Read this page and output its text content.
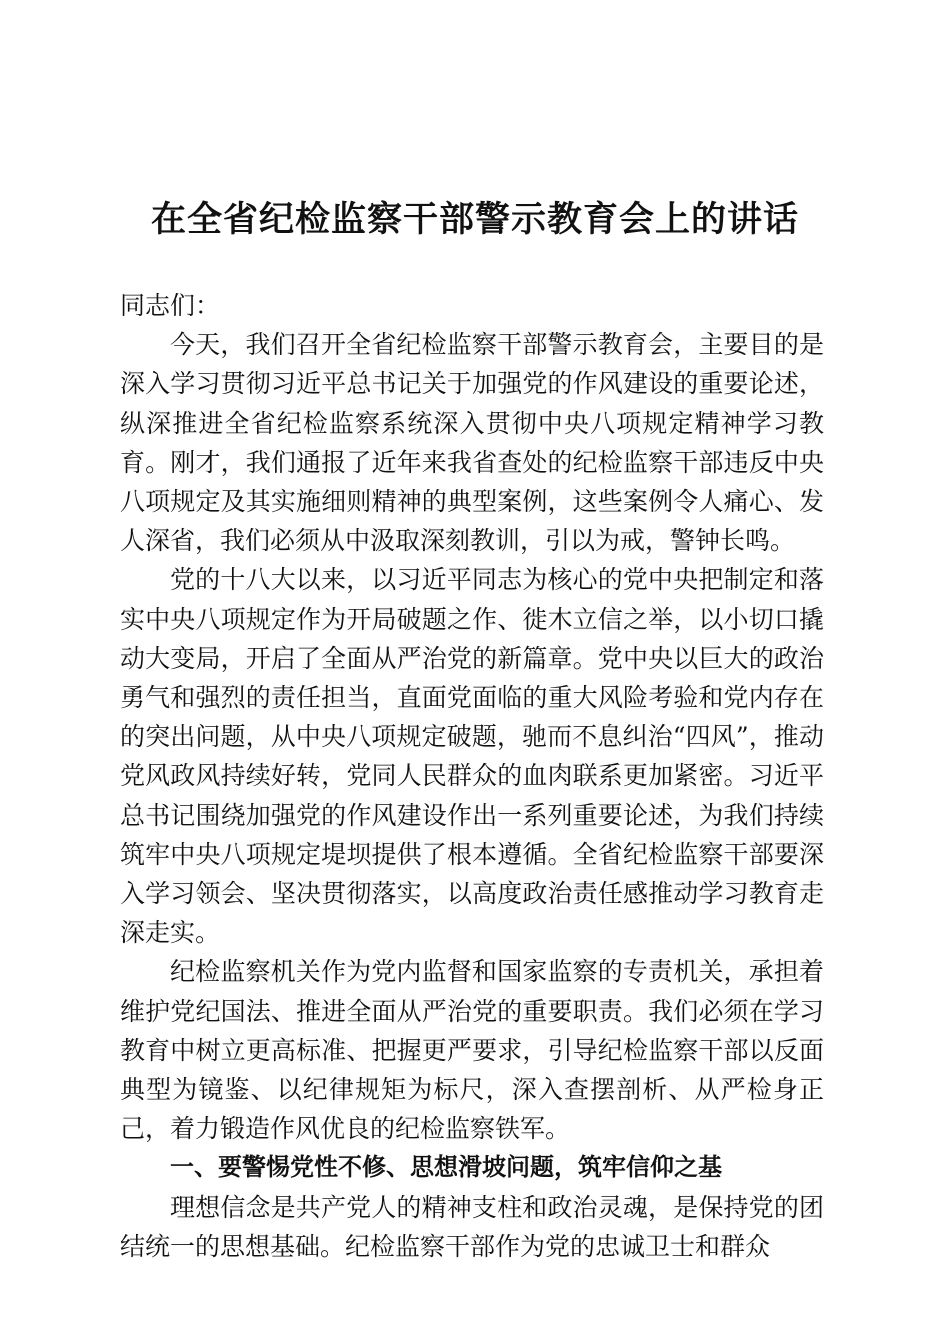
在全省纪检监察干部警示教育会上的讲话

同志们：

今天，我们召开全省纪检监察干部警示教育会，主要目的是深入学习贯彻习近平总书记关于加强党的作风建设的重要论述，纵深推进全省纪检监察系统深入贯彻中央八项规定精神学习教育。刚才，我们通报了近年来我省查处的纪检监察干部违反中央八项规定及其实施细则精神的典型案例，这些案例令人痛心、发人深省，我们必须从中汲取深刻教训，引以为戒，警钟长鸣。

党的十八大以来，以习近平同志为核心的党中央把制定和落实中央八项规定作为开局破题之作、徙木立信之举，以小切口撬动大变局，开启了全面从严治党的新篇章。党中央以巨大的政治勇气和强烈的责任担当，直面党面临的重大风险考验和党内存在的突出问题，从中央八项规定破题，驰而不息纠治“四风”，推动党风政风持续好转，党同人民群众的血肉联系更加紧密。习近平总书记围绕加强党的作风建设作出一系列重要论述，为我们持续筑牢中央八项规定堤坝提供了根本遵循。全省纪检监察干部要深入学习领会、坚决贯彻落实，以高度政治责任感推动学习教育走深走实。

纪检监察机关作为党内监督和国家监察的专责机关，承担着维护党纪国法、推进全面从严治党的重要职责。我们必须在学习教育中树立更高标准、把握更严要求，引导纪检监察干部以反面典型为镜鉴、以纪律规矩为标尺，深入查摆剖析、从严检身正己，着力锻造作风优良的纪检监察铁军。

一、要警惕党性不修、思想滑坡问题，筑牢信仰之基

理想信念是共产党人的精神支柱和政治灵魂，是保持党的团结统一的思想基础。纪检监察干部作为党的忠诚卫士和群众
